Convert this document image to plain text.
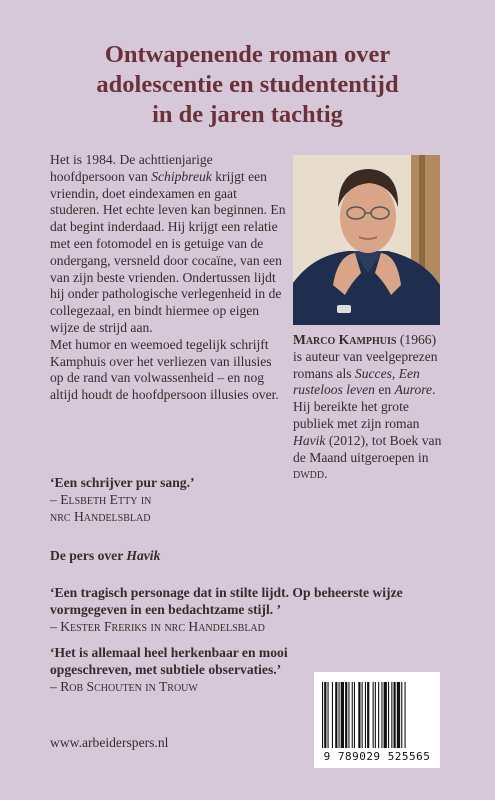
Ontwapenende roman over
adolescentie en studententijd
in de jaren tachtig

Het is 1984. De achttienjarige hoofdpersoon van Schipbreuk krijgt een vriendin, doet eindexamen en gaat studeren. Het echte leven kan beginnen. En dat begint inderdaad. Hij krijgt een relatie met een fotomodel en is getuige van de ondergang, versneld door cocaïne, van een van zijn beste vrienden. Ondertussen lijdt hij onder pathologische verlegenheid in de collegezaal, en bindt hiermee op eigen wijze de strijd aan.

Met humor en weemoed tegelijk schrijft Kamphuis over het verliezen van illusies op de rand van volwassenheid – en nog altijd houdt de hoofdpersoon illusies over.

Marco Kamphuis (1966) is auteur van veelgeprezen romans als Succes, Een rusteloos leven en Aurore. Hij bereikte het grote publiek met zijn roman Havik (2012), tot Boek van de Maand uitgeroepen in dwdd.

‘Een schrijver pur sang.’

– Elsbeth Etty in

nrc Handelsblad

De pers over Havik

‘Een tragisch personage dat in stilte lijdt. Op beheerste wijze vormgegeven in een bedachtzame stijl. ’

– Kester Freriks in nrc Handelsblad

‘Het is allemaal heel herkenbaar en mooi opgeschreven, met subtiele observaties.’

– Rob Schouten in Trouw

www.arbeiderspers.nl
9 789029 525565
